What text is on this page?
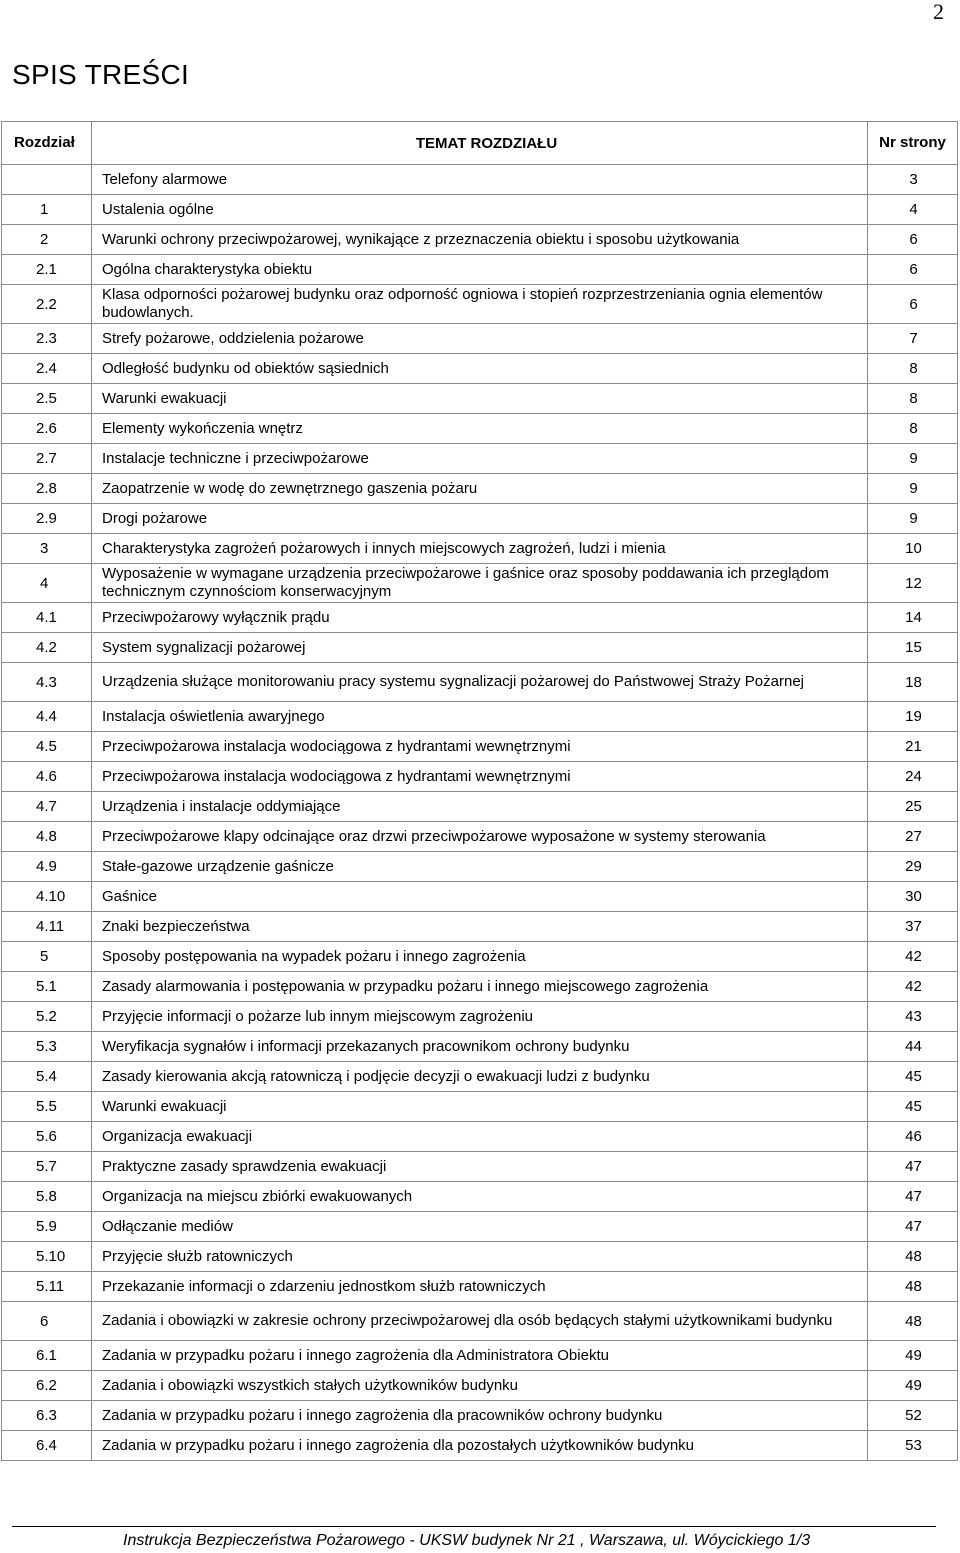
2
SPIS TREŚCI
Rozdział	TEMAT ROZDZIAŁU	Nr strony
	Telefony alarmowe	3
1	Ustalenia ogólne	4
2	Warunki ochrony przeciwpożarowej, wynikające z przeznaczenia obiektu i sposobu użytkowania	6
2.1	Ogólna charakterystyka obiektu	6
2.2	Klasa odporności pożarowej budynku oraz odporność ogniowa i stopień rozprzestrzeniania ognia elementów budowlanych.	6
2.3	Strefy pożarowe, oddzielenia pożarowe	7
2.4	Odległość budynku od obiektów sąsiednich	8
2.5	Warunki ewakuacji	8
2.6	Elementy wykończenia wnętrz	8
2.7	Instalacje techniczne i przeciwpożarowe	9
2.8	Zaopatrzenie w wodę do zewnętrznego gaszenia pożaru	9
2.9	Drogi pożarowe	9
3	Charakterystyka zagrożeń pożarowych i innych miejscowych zagrożeń, ludzi i mienia	10
4	Wyposażenie w wymagane urządzenia przeciwpożarowe i gaśnice oraz sposoby poddawania ich przeglądom technicznym czynnościom konserwacyjnym	12
4.1	Przeciwpożarowy wyłącznik prądu	14
4.2	System sygnalizacji pożarowej	15
4.3	Urządzenia służące monitorowaniu pracy systemu sygnalizacji pożarowej do Państwowej Straży Pożarnej	18
4.4	Instalacja oświetlenia awaryjnego	19
4.5	Przeciwpożarowa instalacja wodociągowa z hydrantami wewnętrznymi	21
4.6	Przeciwpożarowa instalacja wodociągowa z hydrantami wewnętrznymi	24
4.7	Urządzenia i instalacje oddymiające	25
4.8	Przeciwpożarowe klapy odcinające oraz drzwi przeciwpożarowe wyposażone w systemy sterowania	27
4.9	Stałe-gazowe urządzenie gaśnicze	29
4.10	Gaśnice	30
4.11	Znaki bezpieczeństwa	37
5	Sposoby postępowania na wypadek pożaru i innego zagrożenia	42
5.1	Zasady alarmowania i postępowania w przypadku pożaru i innego miejscowego zagrożenia	42
5.2	Przyjęcie informacji o pożarze lub innym miejscowym zagrożeniu	43
5.3	Weryfikacja sygnałów i informacji przekazanych pracownikom ochrony budynku	44
5.4	Zasady kierowania akcją ratowniczą i podjęcie decyzji o ewakuacji ludzi z budynku	45
5.5	Warunki ewakuacji	45
5.6	Organizacja ewakuacji	46
5.7	Praktyczne zasady sprawdzenia ewakuacji	47
5.8	Organizacja na miejscu zbiórki ewakuowanych	47
5.9	Odłączanie mediów	47
5.10	Przyjęcie służb ratowniczych	48
5.11	Przekazanie informacji o zdarzeniu jednostkom służb ratowniczych	48
6	Zadania i obowiązki w zakresie ochrony przeciwpożarowej dla osób będących stałymi użytkownikami budynku	48
6.1	Zadania w przypadku pożaru i innego zagrożenia dla Administratora Obiektu	49
6.2	Zadania i obowiązki wszystkich stałych użytkowników budynku	49
6.3	Zadania w przypadku pożaru i innego zagrożenia dla pracowników ochrony budynku	52
6.4	Zadania w przypadku pożaru i innego zagrożenia dla pozostałych użytkowników budynku	53
Instrukcja Bezpieczeństwa Pożarowego - UKSW budynek Nr 21 , Warszawa, ul. Wóycickiego 1/3
